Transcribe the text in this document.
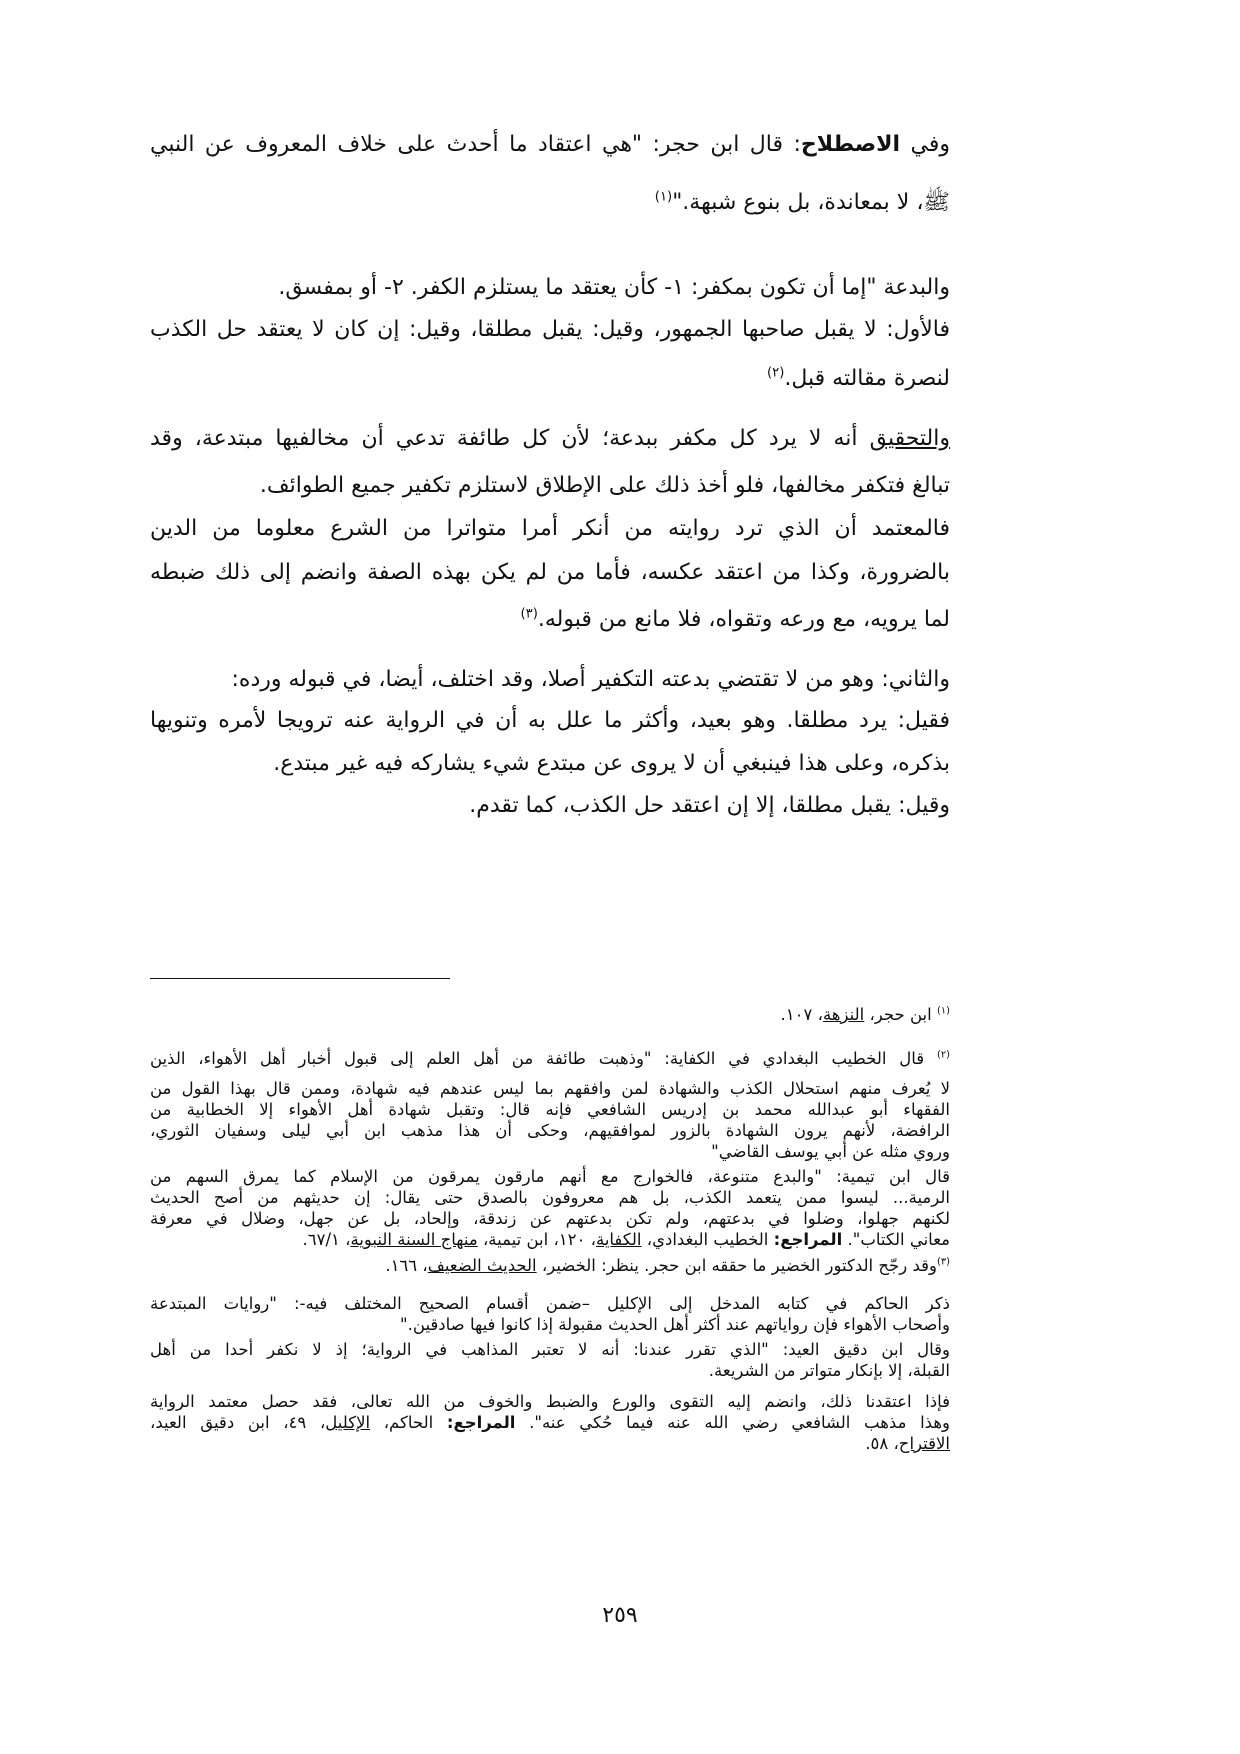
وفي الاصطلاح: قال ابن حجر: "هي اعتقاد ما أحدث على خلاف المعروف عن النبي
ﷺ، لا بمعاندة، بل بنوع شبهة."$^{(١)}$
والبدعة "إما أن تكون بمكفر: ١- كأن يعتقد ما يستلزم الكفر. ٢- أو بمفسق.
فالأول: لا يقبل صاحبها الجمهور، وقيل: يقبل مطلقا، وقيل: إن كان لا يعتقد حل الكذب
لنصرة مقالته قبل.$^{(٢)}$
والتحقيق أنه لا يرد كل مكفر ببدعة؛ لأن كل طائفة تدعي أن مخالفيها مبتدعة، وقد
تبالغ فتكفر مخالفها، فلو أخذ ذلك على الإطلاق لاستلزم تكفير جميع الطوائف.
فالمعتمد أن الذي ترد روايته من أنكر أمرا متواترا من الشرع معلوما من الدين
بالضرورة، وكذا من اعتقد عكسه، فأما من لم يكن بهذه الصفة وانضم إلى ذلك ضبطه
لما يرويه، مع ورعه وتقواه، فلا مانع من قبوله.$^{(٣)}$
والثاني: وهو من لا تقتضي بدعته التكفير أصلا، وقد اختلف، أيضا، في قبوله ورده:
فقيل: يرد مطلقا. وهو بعيد، وأكثر ما علل به أن في الرواية عنه ترويجا لأمره وتنويها
بذكره، وعلى هذا فينبغي أن لا يروى عن مبتدع شيء يشاركه فيه غير مبتدع.
وقيل: يقبل مطلقا، إلا إن اعتقد حل الكذب، كما تقدم.
$^{(١)}$ ابن حجر، النزهة، ١٠٧.
$^{(٢)}$ قال الخطيب البغدادي في الكفاية: "وذهبت طائفة من أهل العلم إلى قبول أخبار أهل الأهواء، الذين
لا يُعرف منهم استحلال الكذب والشهادة لمن وافقهم بما ليس عندهم فيه شهادة، وممن قال بهذا القول من
الفقهاء أبو عبدالله محمد بن إدريس الشافعي فإنه قال: وتقبل شهادة أهل الأهواء إلا الخطابية من
الرافضة، لأنهم يرون الشهادة بالزور لموافقيهم، وحكى أن هذا مذهب ابن أبي ليلى وسفيان الثوري،
وروي مثله عن أبي يوسف القاضي"
قال ابن تيمية: "والبدع متنوعة، فالخوارج مع أنهم مارقون يمرقون من الإسلام كما يمرق السهم من
الرمية... ليسوا ممن يتعمد الكذب، بل هم معروفون بالصدق حتى يقال: إن حديثهم من أصح الحديث
لكنهم جهلوا، وضلوا في بدعتهم، ولم تكن بدعتهم عن زندقة، وإلحاد، بل عن جهل، وضلال في معرفة
معاني الكتاب". المراجع: الخطيب البغدادي، الكفاية، ١٢٠، ابن تيمية، منهاج السنة النبوية، ٦٧/١.
$^{(٣)}$وقد رجّح الدكتور الخضير ما حققه ابن حجر. ينظر: الخضير، الحديث الضعيف، ١٦٦.
ذكر الحاكم في كتابه المدخل إلى الإكليل –ضمن أقسام الصحيح المختلف فيه-: "روايات المبتدعة
وأصحاب الأهواء فإن رواياتهم عند أكثر أهل الحديث مقبولة إذا كانوا فيها صادقين."
وقال ابن دقيق العيد: "الذي تقرر عندنا: أنه لا تعتبر المذاهب في الرواية؛ إذ لا نكفر أحدا من أهل
القبلة، إلا بإنكار متواتر من الشريعة.
فإذا اعتقدنا ذلك، وانضم إليه التقوى والورع والضبط والخوف من الله تعالى، فقد حصل معتمد الرواية
وهذا مذهب الشافعي رضي الله عنه فيما حُكي عنه". المراجع: الحاكم، الإكليل، ٤٩، ابن دقيق العيد،
الاقتراح، ٥٨.
٢٥٩
